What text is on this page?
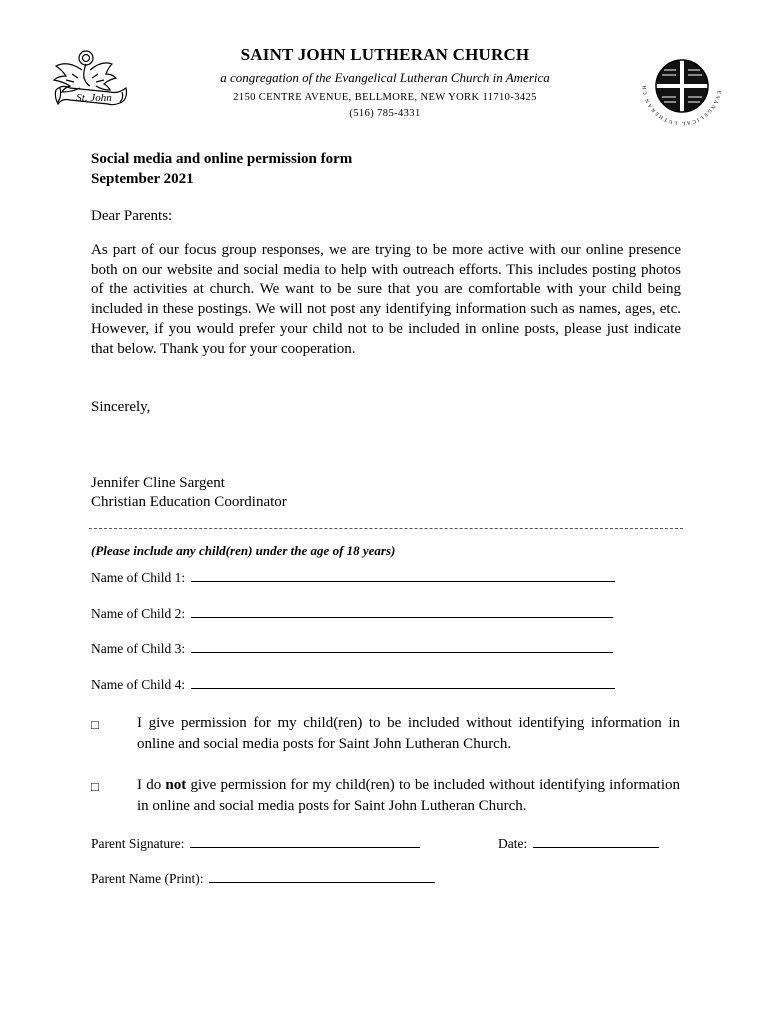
St. John
SAINT JOHN LUTHERAN CHURCH
a congregation of the Evangelical Lutheran Church in America
2150 CENTRE AVENUE, BELLMORE, NEW YORK 11710-3425
(516) 785-4331
EVANGELICAL LUTHERAN CH
Social media and online permission form
September 2021
Dear Parents:
As part of our focus group responses, we are trying to be more active with our online presence both on our website and social media to help with outreach efforts. This includes posting photos of the activities at church. We want to be sure that you are comfortable with your child being included in these postings. We will not post any identifying information such as names, ages, etc. However, if you would prefer your child not to be included in online posts, please just indicate that below. Thank you for your cooperation.
Sincerely,
Jennifer Cline Sargent
Christian Education Coordinator
(Please include any child(ren) under the age of 18 years)
Name of Child 1:
Name of Child 2:
Name of Child 3:
Name of Child 4:
□	I give permission for my child(ren) to be included without identifying information in online and social media posts for Saint John Lutheran Church.
□	I do not give permission for my child(ren) to be included without identifying information in online and social media posts for Saint John Lutheran Church.
Parent Signature:	Date:
Parent Name (Print):
